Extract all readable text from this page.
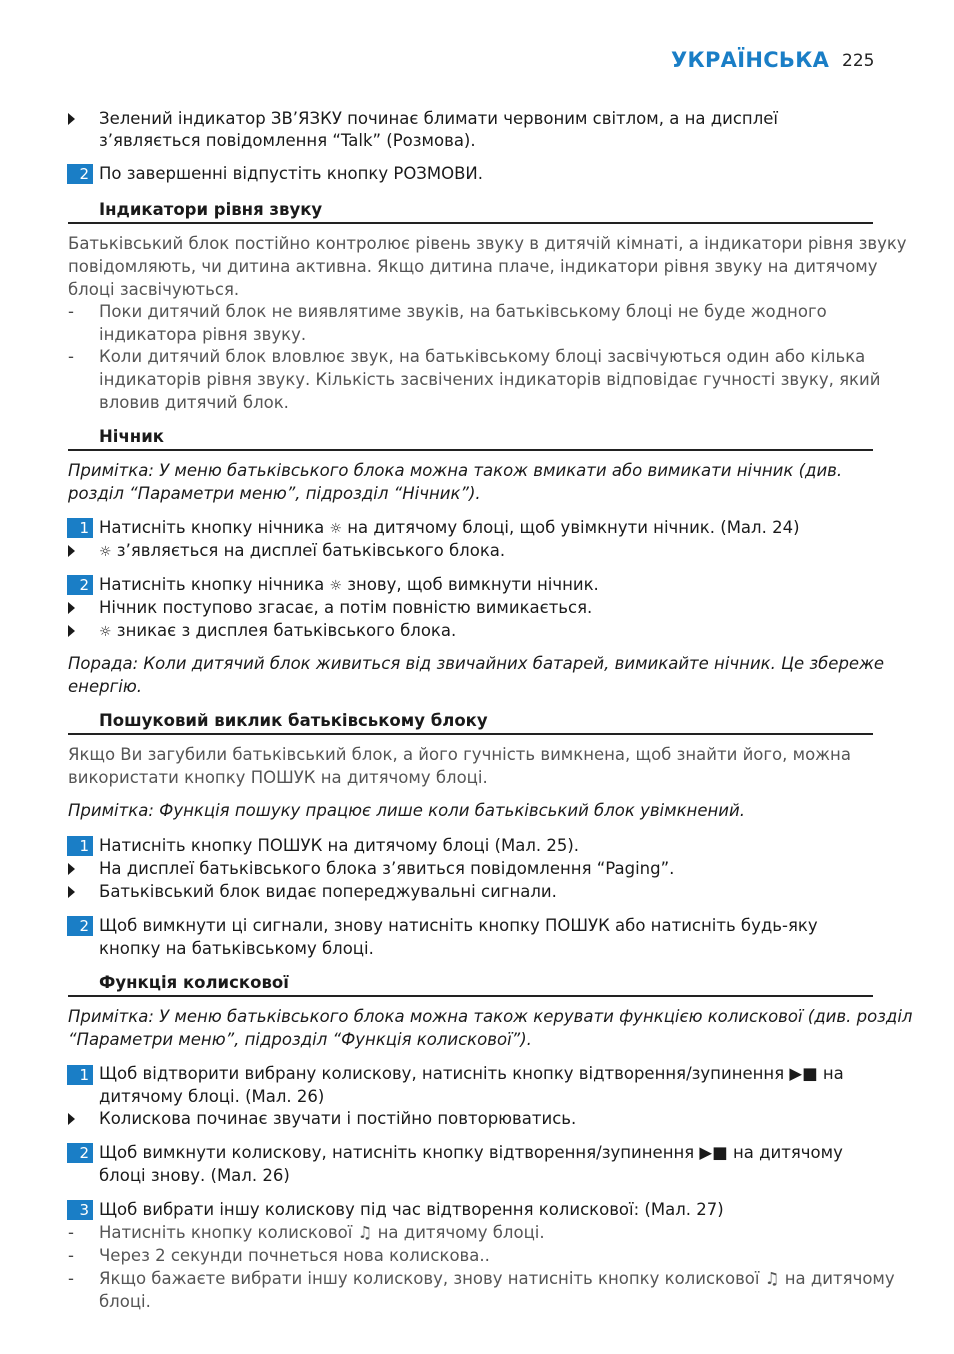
УКРАЇНСЬКА 225
Зелений індикатор ЗВ’ЯЗКУ починає блимати червоним світлом, а на дисплеї
з’являється повідомлення “Talk” (Розмова).
2 По завершенні відпустіть кнопку РОЗМОВИ.
Індикатори рівня звуку
Батьківський блок постійно контролює рівень звуку в дитячій кімнаті, а індикатори рівня звуку
повідомляють, чи дитина активна. Якщо дитина плаче, індикатори рівня звуку на дитячому
блоці засвічуються.
- Поки дитячий блок не виявлятиме звуків, на батьківському блоці не буде жодного
індикатора рівня звуку.
- Коли дитячий блок вловлює звук, на батьківському блоці засвічуються один або кілька
індикаторів рівня звуку. Кількість засвічених індикаторів відповідає гучності звуку, який
вловив дитячий блок.
Нічник
Примітка: У меню батьківського блока можна також вмикати або вимикати нічник (див.
розділ “Параметри меню”, підрозділ “Нічник”).
1 Натисніть кнопку нічника ☼ на дитячому блоці, щоб увімкнути нічник. (Мал. 24)
☼ з’являється на дисплеї батьківського блока.
2 Натисніть кнопку нічника ☼ знову, щоб вимкнути нічник.
Нічник поступово згасає, а потім повністю вимикається.
☼ зникає з дисплея батьківського блока.
Порада: Коли дитячий блок живиться від звичайних батарей, вимикайте нічник. Це збереже
енергію.
Пошуковий виклик батьківському блоку
Якщо Ви загубили батьківський блок, а його гучність вимкнена, щоб знайти його, можна
використати кнопку ПОШУК на дитячому блоці.
Примітка: Функція пошуку працює лише коли батьківський блок увімкнений.
1 Натисніть кнопку ПОШУК на дитячому блоці (Мал. 25).
На дисплеї батьківського блока з’явиться повідомлення “Paging”.
Батьківський блок видає попереджувальні сигнали.
2 Щоб вимкнути ці сигнали, знову натисніть кнопку ПОШУК або натисніть будь-яку
кнопку на батьківському блоці.
Функція колискової
Примітка: У меню батьківського блока можна також керувати функцією колискової (див. розділ
“Параметри меню”, підрозділ “Функція колискової”).
1 Щоб відтворити вибрану колискову, натисніть кнопку відтворення/зупинення ▶■ на
дитячому блоці. (Мал. 26)
Колискова починає звучати і постійно повторюватись.
2 Щоб вимкнути колискову, натисніть кнопку відтворення/зупинення ▶■ на дитячому
блоці знову. (Мал. 26)
3 Щоб вибрати іншу колискову під час відтворення колискової: (Мал. 27)
- Натисніть кнопку колискової ♫ на дитячому блоці.
- Через 2 секунди почнеться нова колискова..
- Якщо бажаєте вибрати іншу колискову, знову натисніть кнопку колискової ♫ на дитячому
блоці.
